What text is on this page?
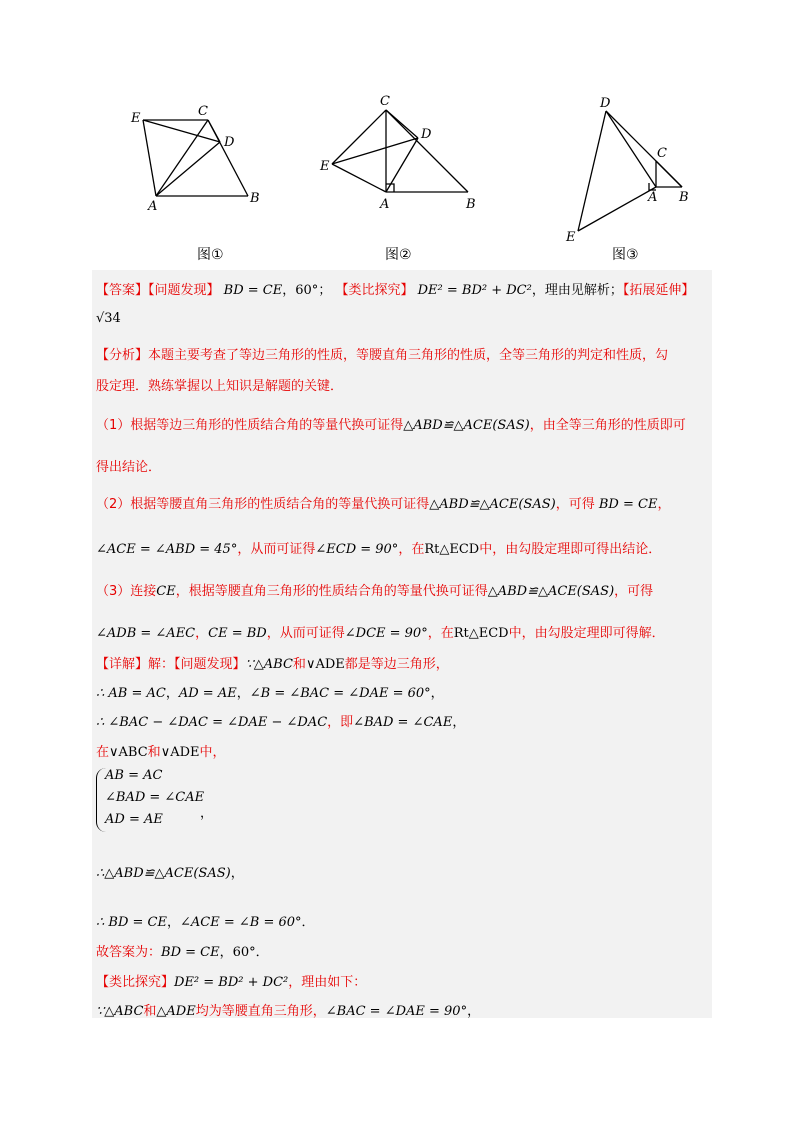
E	C
D
A
B
图①
C
D
E
A	B
图②
D
C
A B
E
图③
【答案】【问题发现】 BD = CE，60°； 【类比探究】 DE² = BD² + DC²，理由见解析；【拓展延伸】
√34
【分析】本题主要考查了等边三角形的性质，等腰直角三角形的性质，全等三角形的判定和性质，勾
股定理．熟练掌握以上知识是解题的关键．
（1）根据等边三角形的性质结合角的等量代换可证得△ABD≌△ACE(SAS)，由全等三角形的性质即可
得出结论．
（2）根据等腰直角三角形的性质结合角的等量代换可证得△ABD≌△ACE(SAS)，可得 BD = CE，
∠ACE = ∠ABD = 45°，从而可证得∠ECD = 90°，在Rt△ECD中，由勾股定理即可得出结论．
（3）连接CE，根据等腰直角三角形的性质结合角的等量代换可证得△ABD≌△ACE(SAS)，可得
∠ADB = ∠AEC，CE = BD，从而可证得∠DCE = 90°，在Rt△ECD中，由勾股定理即可得解．
【详解】解：【问题发现】∵△ABC和∨ADE都是等边三角形，
∴ AB = AC，AD = AE，∠B = ∠BAC = ∠DAE = 60°，
∴ ∠BAC − ∠DAC = ∠DAE − ∠DAC，即∠BAD = ∠CAE，
在∨ABC和∨ADE中，
AB = AC
∠BAD = ∠CAE
AD = AE	，
∴△ABD≌△ACE(SAS)，
∴ BD = CE，∠ACE = ∠B = 60°．
故答案为：BD = CE，60°．
【类比探究】DE² = BD² + DC²，理由如下：
∵△ABC和△ADE均为等腰直角三角形，∠BAC = ∠DAE = 90°，
